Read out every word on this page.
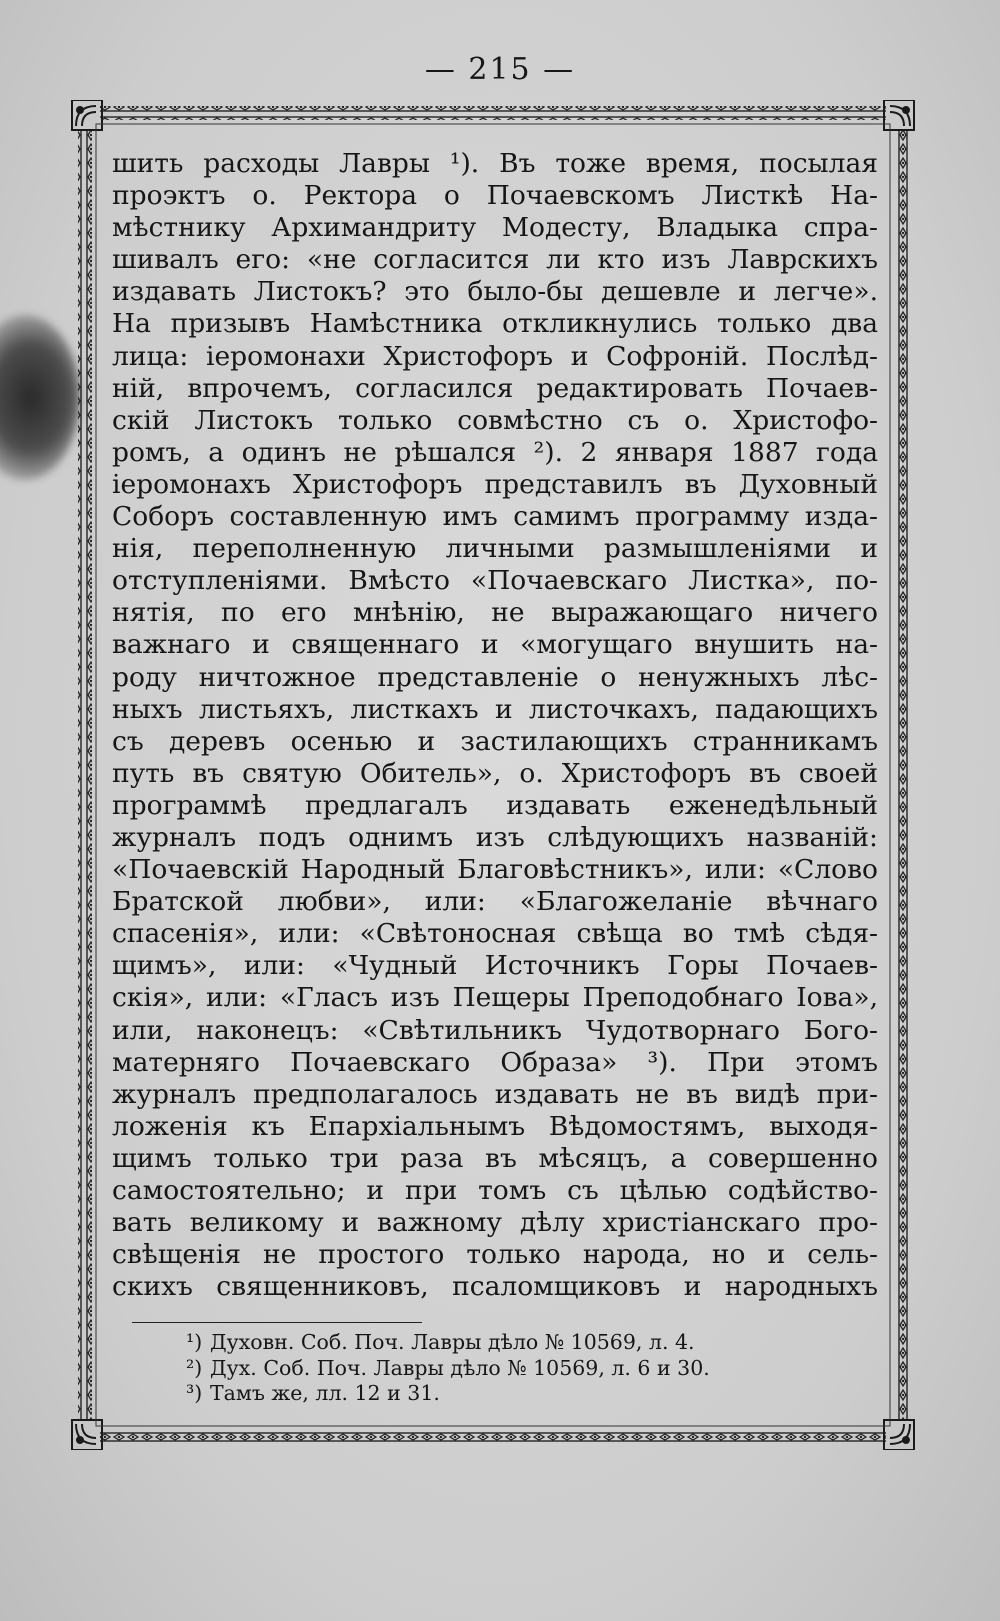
— 215 —
шить расходы Лавры ¹). Въ тоже время, посылая
проэктъ о. Ректора о Почаевскомъ Листкѣ На-
мѣстнику Архимандриту Модесту, Владыка спра-
шивалъ его: «не согласится ли кто изъ Лаврскихъ
издавать Листокъ? это было-бы дешевле и легче».
На призывъ Намѣстника откликнулись только два
лица: іеромонахи Христофоръ и Софроній. Послѣд-
ній, впрочемъ, согласился редактировать Почаев-
скій Листокъ только совмѣстно съ о. Христофо-
ромъ, а одинъ не рѣшался ²). 2 января 1887 года
іеромонахъ Христофоръ представилъ въ Духовный
Соборъ составленную имъ самимъ программу изда-
нія, переполненную личными размышленіями и
отступленіями. Вмѣсто «Почаевскаго Листка», по-
нятія, по его мнѣнію, не выражающаго ничего
важнаго и священнаго и «могущаго внушить на-
роду ничтожное представленіе о ненужныхъ лѣс-
ныхъ листьяхъ, листкахъ и листочкахъ, падающихъ
съ деревъ осенью и застилающихъ странникамъ
путь въ святую Обитель», о. Христофоръ въ своей
программѣ предлагалъ издавать еженедѣльный
журналъ подъ однимъ изъ слѣдующихъ названій:
«Почаевскій Народный Благовѣстникъ», или: «Слово
Братской любви», или: «Благожеланіе вѣчнаго
спасенія», или: «Свѣтоносная свѣща во тмѣ сѣдя-
щимъ», или: «Чудный Источникъ Горы Почаев-
скія», или: «Гласъ изъ Пещеры Преподобнаго Іова»,
или, наконецъ: «Свѣтильникъ Чудотворнаго Бого-
матерняго Почаевскаго Образа» ³). При этомъ
журналъ предполагалось издавать не въ видѣ при-
ложенія къ Епархіальнымъ Вѣдомостямъ, выходя-
щимъ только три раза въ мѣсяцъ, а совершенно
самостоятельно; и при томъ съ цѣлью содѣйство-
вать великому и важному дѣлу христіанскаго про-
свѣщенія не простого только народа, но и сель-
скихъ священниковъ, псаломщиковъ и народныхъ
¹) Духовн. Соб. Поч. Лавры дѣло № 10569, л. 4.
²) Дух. Соб. Поч. Лавры дѣло № 10569, л. 6 и 30.
³) Тамъ же, лл. 12 и 31.
